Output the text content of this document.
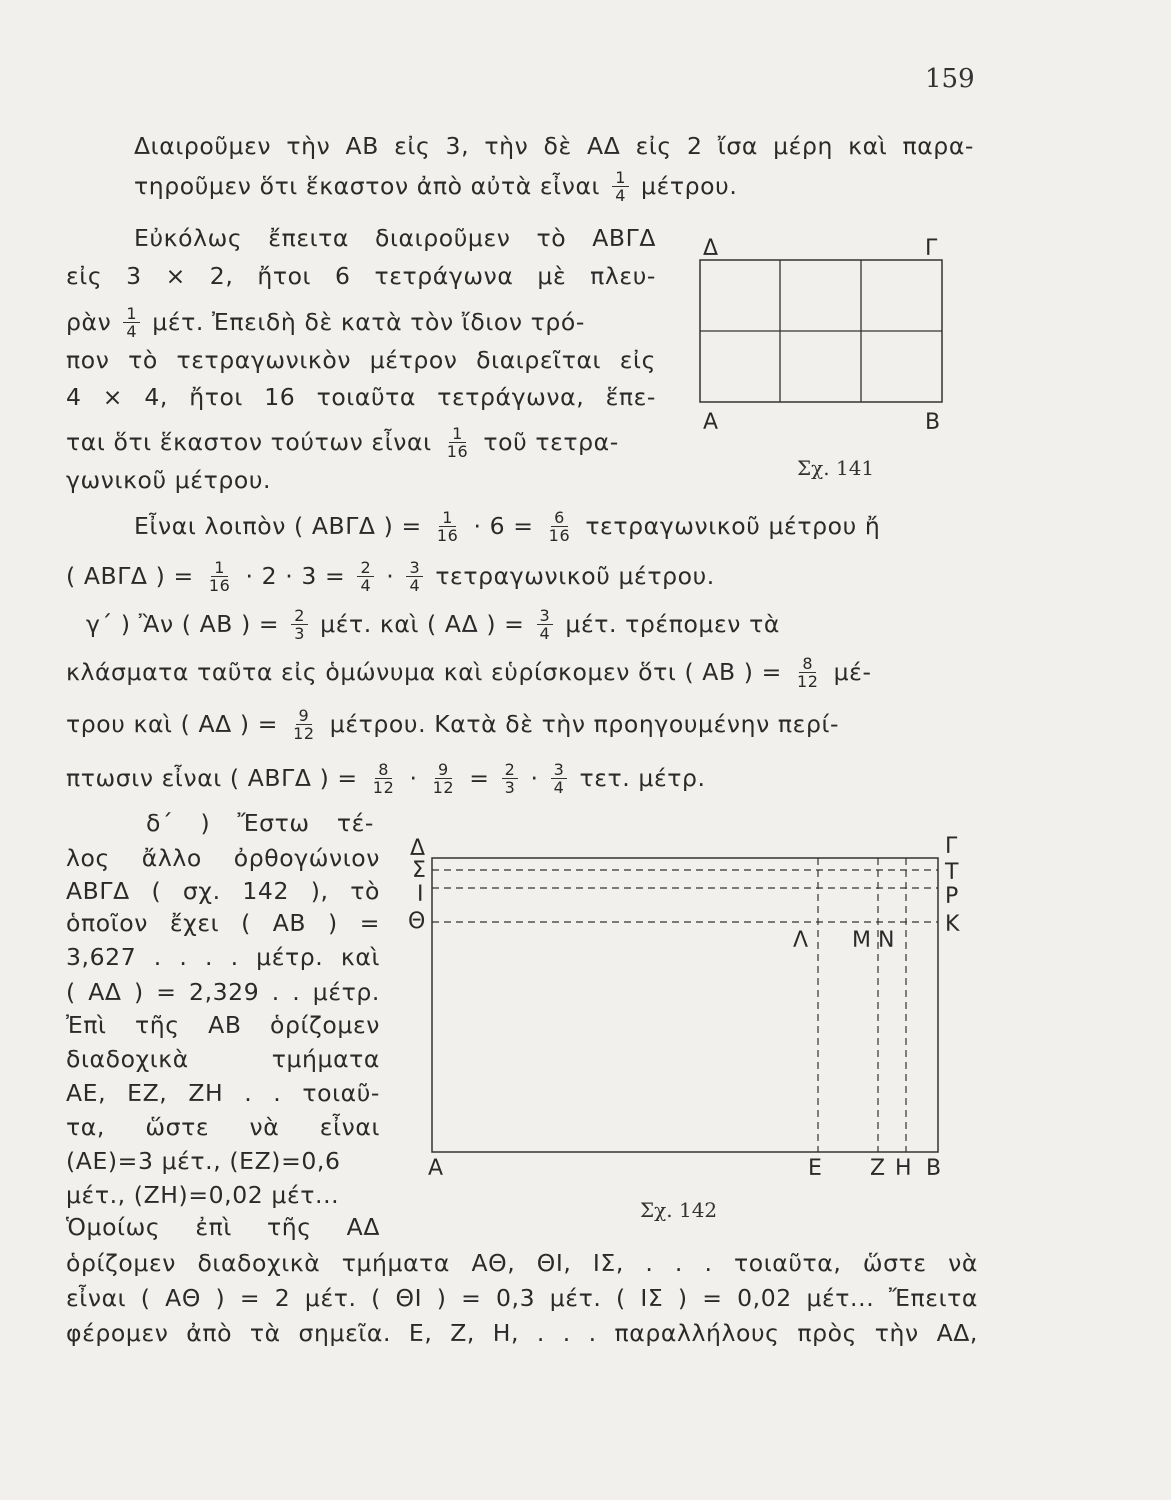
159
Διαιροῦμεν τὴν ΑΒ εἰς 3, τὴν δὲ ΑΔ εἰς 2 ἴσα μέρη καὶ παρα-
τηροῦμεν ὅτι ἕκαστον ἀπὸ αὐτὰ εἶναι $\frac{1}{4} \mu έ\tau\rho o\upsilon$.
Εὐκόλως ἔπειτα διαιροῦμεν τὸ ΑΒΓΔ
εἰς 3 × 2, ἤτοι 6 τετράγωνα μὲ πλευ-
ρὰν $\frac{1}{4} \mu έ\tau$. Ἐπειδὴ δὲ κατὰ τὸν ἴδιον τρό-
πον τὸ τετραγωνικὸν μέτρον διαιρεῖται εἰς
4 × 4, ἤτοι 16 τοιαῦτα τετράγωνα, ἕπε-
ται ὅτι ἕκαστον τούτων εἶναι $\frac{1}{16}$ τοῦ τετρα-
γωνικοῦ μέτρου.
Δ	Γ
Α	Β
Σχ. 141
Εἶναι λοιπὸν ( ΑΒΓΔ ) = $\frac{1}{16} \cdot 6 = \frac{6}{16}$ τετραγωνικοῦ μέτρου ἤ
( ΑΒΓΔ ) = $\frac{1}{16} \cdot 2 \cdot 3 = \frac{2}{4} \cdot \frac{3}{4}$ τετραγωνικοῦ μέτρου.
γ΄ ) Ἂν ( ΑΒ ) = $\frac{2}{3} \mu έ\tau$. καὶ ( ΑΔ ) = $\frac{3}{4} \mu έ\tau$. τρέπομεν τὰ
κλάσματα ταῦτα εἰς ὁμώνυμα καὶ εὑρίσκομεν ὅτι ( ΑΒ ) = $\frac{8}{12} \mu έ-$
τρου καὶ ( ΑΔ ) = $\frac{9}{12} \mu έ\tau\rho o\upsilon$. Κατὰ δὲ τὴν προηγουμένην περί-
πτωσιν εἶναι ( ΑΒΓΔ ) = $\frac{8}{12} \cdot \frac{9}{12} = \frac{2}{3} \cdot \frac{3}{4} \tau\varepsilon\tau$. μέτρ.
δ΄ ) Ἔστω τέ-
λος ἄλλο ὀρθογώνιον
ΑΒΓΔ ( σχ. 142 ), τὸ
ὁποῖον ἔχει ( ΑΒ ) =
3,627 . . . . μέτρ. καὶ
( ΑΔ ) = 2,329 . . μέτρ.
Ἐπὶ τῆς ΑΒ ὁρίζομεν
διαδοχικὰ τμήματα
ΑΕ, ΕΖ, ΖΗ . . τοιαῦ-
τα, ὥστε νὰ εἶναι
(ΑΕ)=3 μέτ., (ΕΖ)=0,6
μέτ., (ΖΗ)=0,02 μέτ...
Ὁμοίως ἐπὶ τῆς ΑΔ
Δ
Σ
Ι
Θ
Γ
Τ
Ρ
Κ
Λ Μ Ν
Α	Ε Ζ Η Β
Σχ. 142
ὁρίζομεν διαδοχικὰ τμήματα ΑΘ, ΘΙ, ΙΣ, . . . τοιαῦτα, ὥστε νὰ
εἶναι ( ΑΘ ) = 2 μέτ. ( ΘΙ ) = 0,3 μέτ. ( ΙΣ ) = 0,02 μέτ... Ἔπειτα
φέρομεν ἀπὸ τὰ σημεῖα. Ε, Ζ, Η, . . . παραλλήλους πρὸς τὴν ΑΔ,
